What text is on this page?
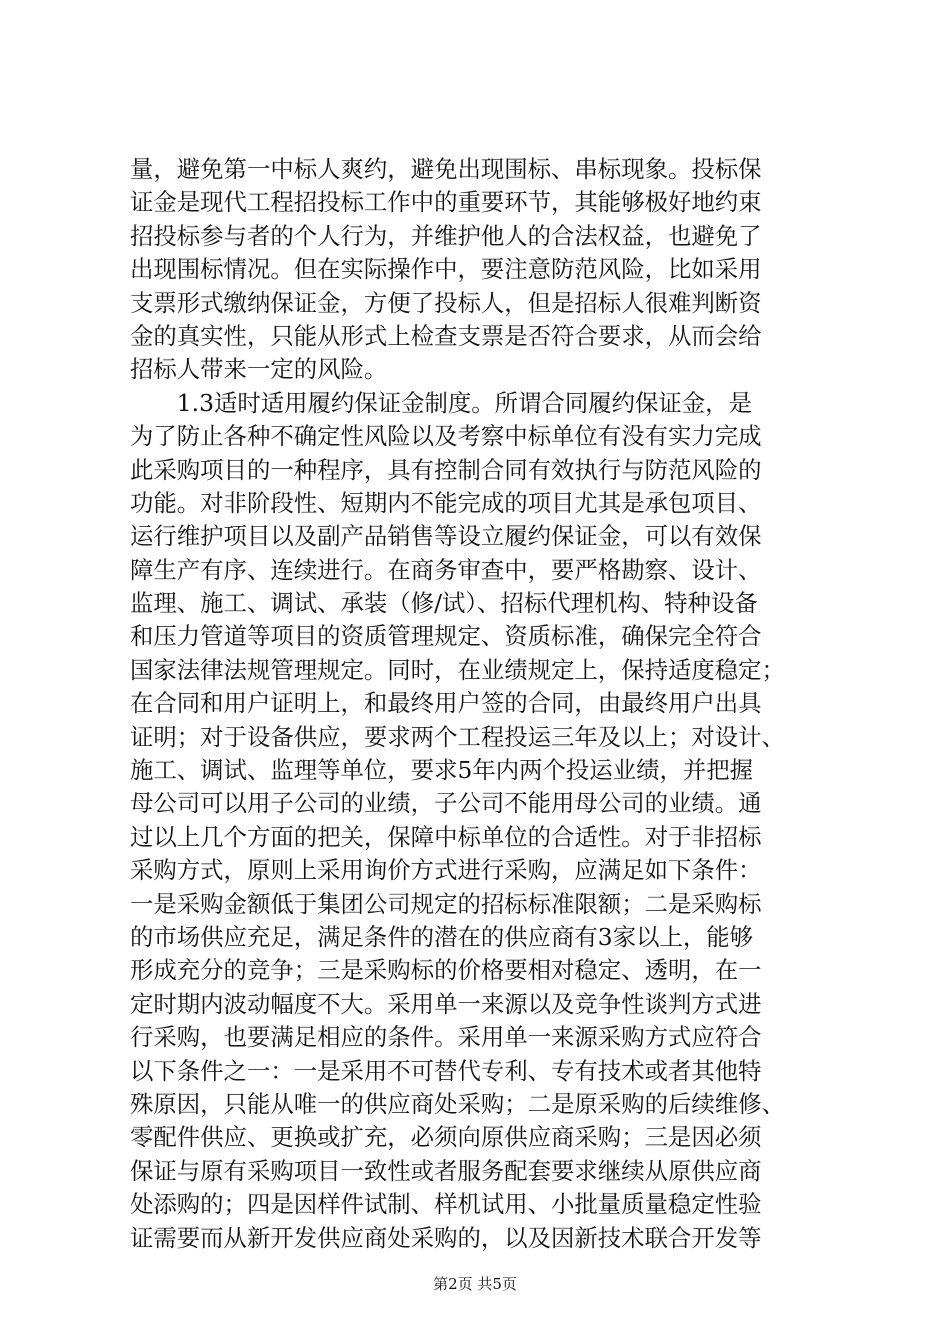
量，避免第一中标人爽约，避免出现围标、串标现象。投标保
证金是现代工程招投标工作中的重要环节，其能够极好地约束
招投标参与者的个人行为，并维护他人的合法权益，也避免了
出现围标情况。但在实际操作中，要注意防范风险，比如采用
支票形式缴纳保证金，方便了投标人，但是招标人很难判断资
金的真实性，只能从形式上检查支票是否符合要求，从而会给
招标人带来一定的风险。
　　1.3适时适用履约保证金制度。所谓合同履约保证金，是
为了防止各种不确定性风险以及考察中标单位有没有实力完成
此采购项目的一种程序，具有控制合同有效执行与防范风险的
功能。对非阶段性、短期内不能完成的项目尤其是承包项目、
运行维护项目以及副产品销售等设立履约保证金，可以有效保
障生产有序、连续进行。在商务审查中，要严格勘察、设计、
监理、施工、调试、承装（修/试）、招标代理机构、特种设备
和压力管道等项目的资质管理规定、资质标准，确保完全符合
国家法律法规管理规定。同时，在业绩规定上，保持适度稳定；
在合同和用户证明上，和最终用户签的合同，由最终用户出具
证明；对于设备供应，要求两个工程投运三年及以上；对设计、
施工、调试、监理等单位，要求5年内两个投运业绩，并把握
母公司可以用子公司的业绩，子公司不能用母公司的业绩。通
过以上几个方面的把关，保障中标单位的合适性。对于非招标
采购方式，原则上采用询价方式进行采购，应满足如下条件：
一是采购金额低于集团公司规定的招标标准限额；二是采购标
的市场供应充足，满足条件的潜在的供应商有3家以上，能够
形成充分的竞争；三是采购标的价格要相对稳定、透明，在一
定时期内波动幅度不大。采用单一来源以及竞争性谈判方式进
行采购，也要满足相应的条件。采用单一来源采购方式应符合
以下条件之一：一是采用不可替代专利、专有技术或者其他特
殊原因，只能从唯一的供应商处采购；二是原采购的后续维修、
零配件供应、更换或扩充，必须向原供应商采购；三是因必须
保证与原有采购项目一致性或者服务配套要求继续从原供应商
处添购的；四是因样件试制、样机试用、小批量质量稳定性验
证需要而从新开发供应商处采购的，以及因新技术联合开发等
第2页 共5页
